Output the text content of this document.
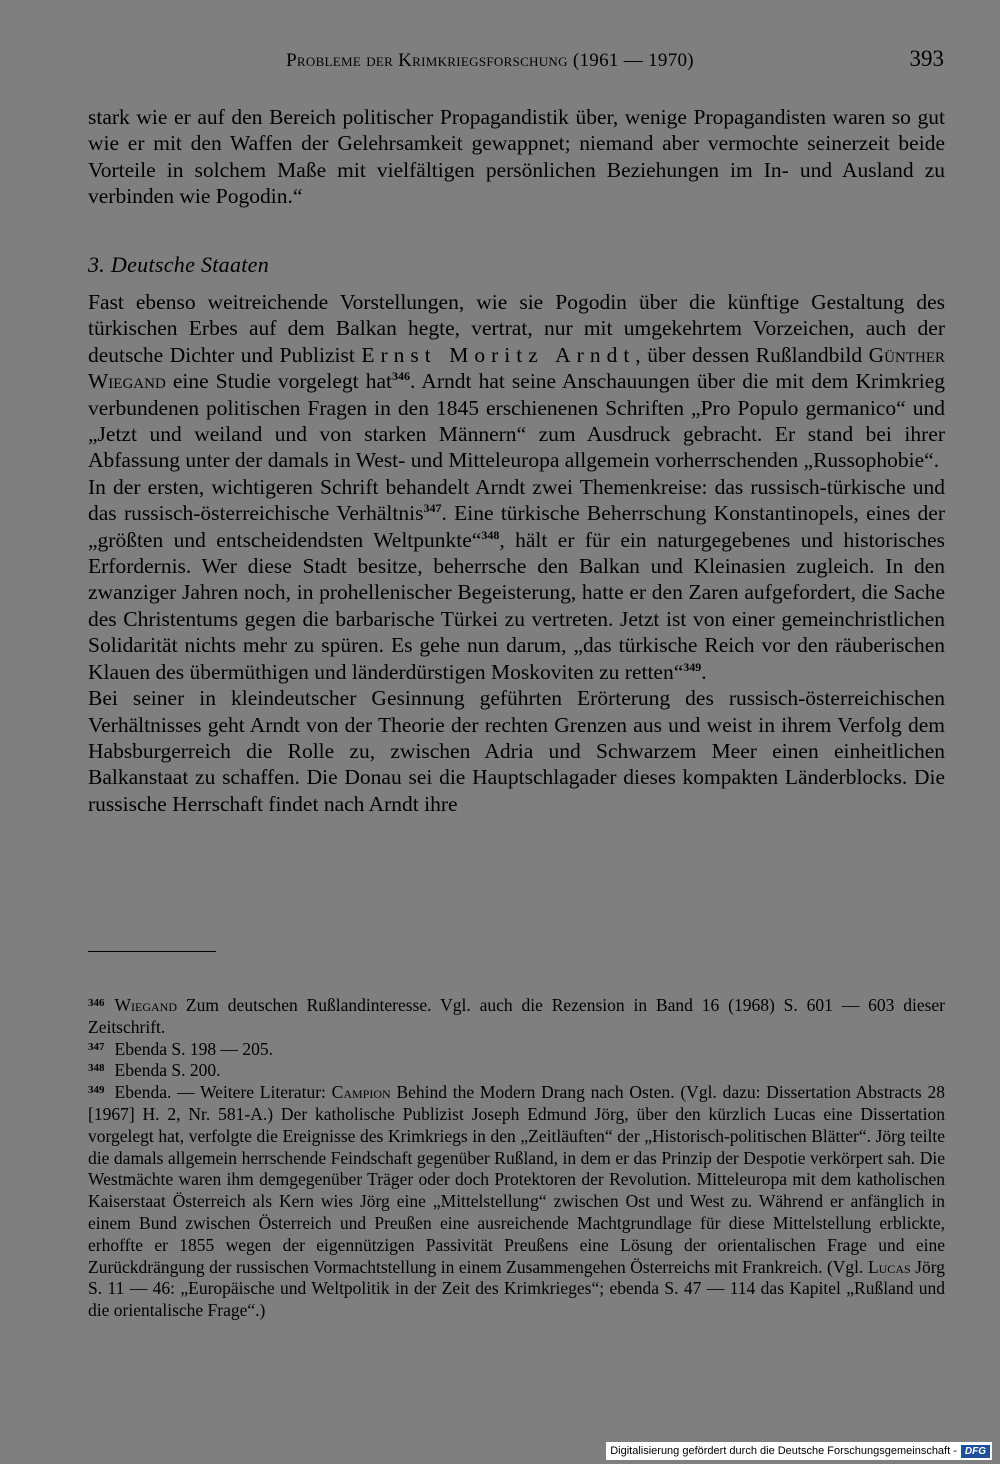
Probleme der Krimkriegsforschung (1961 — 1970)	393

stark wie er auf den Bereich politischer Propagandistik über, wenige Propagandisten waren so gut wie er mit den Waffen der Gelehrsamkeit gewappnet; niemand aber vermochte seinerzeit beide Vorteile in solchem Maße mit vielfältigen persönlichen Beziehungen im In- und Ausland zu verbinden wie Pogodin.“

3. Deutsche Staaten

Fast ebenso weitreichende Vorstellungen, wie sie Pogodin über die künftige Gestaltung des türkischen Erbes auf dem Balkan hegte, vertrat, nur mit umgekehrtem Vorzeichen, auch der deutsche Dichter und Publizist Ernst Moritz Arndt, über dessen Rußlandbild Günther Wiegand eine Studie vorgelegt hat$^{346}$. Arndt hat seine Anschauungen über die mit dem Krimkrieg verbundenen politischen Fragen in den 1845 erschienenen Schriften „Pro Populo germanico“ und „Jetzt und weiland und von starken Männern“ zum Ausdruck gebracht. Er stand bei ihrer Abfassung unter der damals in West- und Mitteleuropa allgemein vorherrschenden „Russophobie“.

In der ersten, wichtigeren Schrift behandelt Arndt zwei Themenkreise: das russisch-türkische und das russisch-österreichische Verhältnis$^{347}$. Eine türkische Beherrschung Konstantinopels, eines der „größten und entscheidendsten Weltpunkte“$^{348}$, hält er für ein naturgegebenes und historisches Erfordernis. Wer diese Stadt besitze, beherrsche den Balkan und Kleinasien zugleich. In den zwanziger Jahren noch, in prohellenischer Begeisterung, hatte er den Zaren aufgefordert, die Sache des Christentums gegen die barbarische Türkei zu vertreten. Jetzt ist von einer gemeinchristlichen Solidarität nichts mehr zu spüren. Es gehe nun darum, „das türkische Reich vor den räuberischen Klauen des übermüthigen und länderdürstigen Moskoviten zu retten“$^{349}$.

Bei seiner in kleindeutscher Gesinnung geführten Erörterung des russisch-österreichischen Verhältnisses geht Arndt von der Theorie der rechten Grenzen aus und weist in ihrem Verfolg dem Habsburgerreich die Rolle zu, zwischen Adria und Schwarzem Meer einen einheitlichen Balkanstaat zu schaffen. Die Donau sei die Hauptschlagader dieses kompakten Länderblocks. Die russische Herrschaft findet nach Arndt ihre

$^{346}$ Wiegand Zum deutschen Rußlandinteresse. Vgl. auch die Rezension in Band 16 (1968) S. 601 — 603 dieser Zeitschrift.

$^{347}$ Ebenda S. 198 — 205.

$^{348}$ Ebenda S. 200.

$^{349}$ Ebenda. — Weitere Literatur: Campion Behind the Modern Drang nach Osten. (Vgl. dazu: Dissertation Abstracts 28 [1967] H. 2, Nr. 581-A.) Der katholische Publizist Joseph Edmund Jörg, über den kürzlich Lucas eine Dissertation vorgelegt hat, verfolgte die Ereignisse des Krimkriegs in den „Zeitläuften“ der „Historisch-politischen Blätter“. Jörg teilte die damals allgemein herrschende Feindschaft gegenüber Rußland, in dem er das Prinzip der Despotie verkörpert sah. Die Westmächte waren ihm demgegenüber Träger oder doch Protektoren der Revolution. Mitteleuropa mit dem katholischen Kaiserstaat Österreich als Kern wies Jörg eine „Mittelstellung“ zwischen Ost und West zu. Während er anfänglich in einem Bund zwischen Österreich und Preußen eine ausreichende Machtgrundlage für diese Mittelstellung erblickte, erhoffte er 1855 wegen der eigennützigen Passivität Preußens eine Lösung der orientalischen Frage und eine Zurückdrängung der russischen Vormachtstellung in einem Zusammengehen Österreichs mit Frankreich. (Vgl. Lucas Jörg S. 11 — 46: „Europäische und Weltpolitik in der Zeit des Krimkrieges“; ebenda S. 47 — 114 das Kapitel „Rußland und die orientalische Frage“.)

Digitalisierung gefördert durch die Deutsche Forschungsgemeinschaft - DFG
